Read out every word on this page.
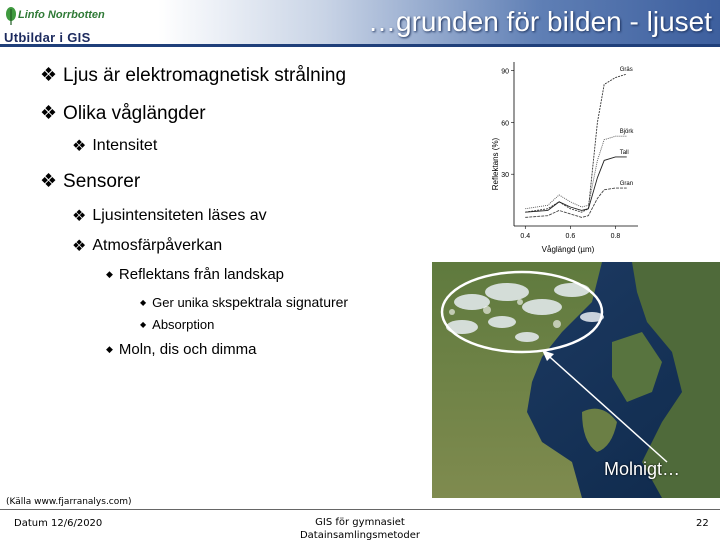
Linfo Norrbotten
Utbildar i GIS
…grunden för bilden - ljuset
❖ Ljus är elektromagnetisk strålning
❖ Olika våglängder
❖ Intensitet
❖ Sensorer
❖ Ljusintensiteten läses av
❖ Atmosfärpåverkan
◆ Reflektans från landskap
◆ Ger unika sk spektrala signaturer
◆ Absorption
◆ Moln, dis och dimma
Reflektans (%)
Våglängd (µm)
90
60
30
0.4	0.6	0.8
Gräs
Björk
Tall
Gran
Molnigt…
(Källa www.fjarranalys.com)
Datum 12/6/2020	GIS för gymnasiet
Datainsamlingsmetoder
22
